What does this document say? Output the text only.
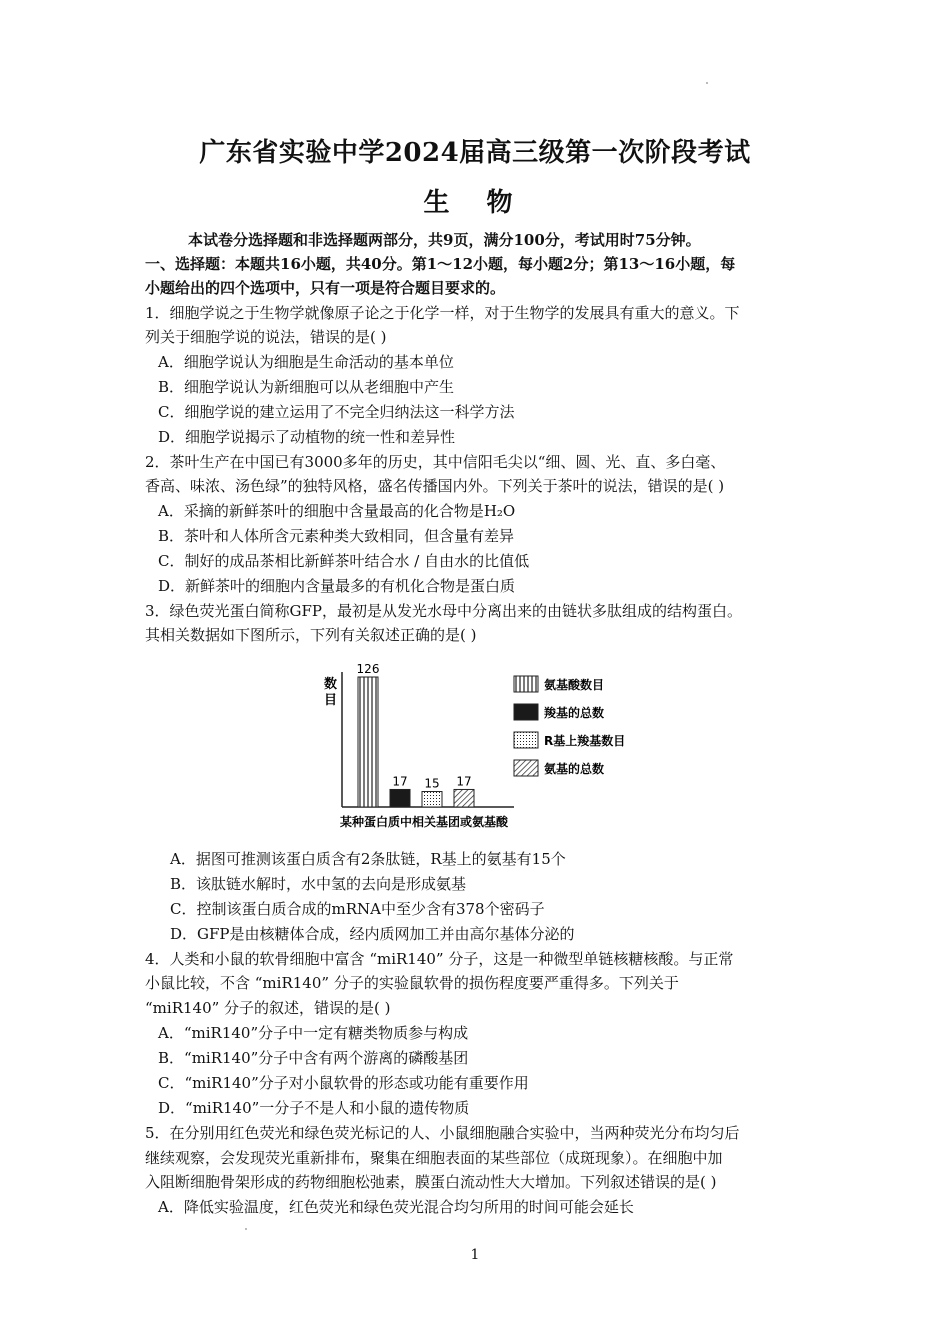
广东省实验中学2024届高三级第一次阶段考试
生 物
本试卷分选择题和非选择题两部分，共9页，满分100分，考试用时75分钟。
一、选择题：本题共16小题，共40分。第1～12小题，每小题2分；第13～16小题，每
小题给出的四个选项中，只有一项是符合题目要求的。
1．细胞学说之于生物学就像原子论之于化学一样，对于生物学的发展具有重大的意义。下
列关于细胞学说的说法，错误的是( )
A．细胞学说认为细胞是生命活动的基本单位
B．细胞学说认为新细胞可以从老细胞中产生
C．细胞学说的建立运用了不完全归纳法这一科学方法
D．细胞学说揭示了动植物的统一性和差异性
2．茶叶生产在中国已有3000多年的历史，其中信阳毛尖以“细、圆、光、直、多白毫、
香高、味浓、汤色绿”的独特风格，盛名传播国内外。下列关于茶叶的说法，错误的是( )
A．采摘的新鲜茶叶的细胞中含量最高的化合物是H₂O
B．茶叶和人体所含元素种类大致相同，但含量有差异
C．制好的成品茶相比新鲜茶叶结合水 / 自由水的比值低
D．新鲜茶叶的细胞内含量最多的有机化合物是蛋白质
3．绿色荧光蛋白简称GFP，最初是从发光水母中分离出来的由链状多肽组成的结构蛋白。
其相关数据如下图所示，下列有关叙述正确的是( )
数
目
126
17 15 17
氨基酸数目
羧基的总数
R基上羧基数目
氨基的总数
某种蛋白质中相关基团或氨基酸
A．据图可推测该蛋白质含有2条肽链，R基上的氨基有15个
B．该肽链水解时，水中氢的去向是形成氨基
C．控制该蛋白质合成的mRNA中至少含有378个密码子
D．GFP是由核糖体合成，经内质网加工并由高尔基体分泌的
4．人类和小鼠的软骨细胞中富含 “miR140” 分子，这是一种微型单链核糖核酸。与正常
小鼠比较，不含 “miR140” 分子的实验鼠软骨的损伤程度要严重得多。下列关于
“miR140” 分子的叙述，错误的是( )
A．“miR140”分子中一定有糖类物质参与构成
B．“miR140”分子中含有两个游离的磷酸基团
C．“miR140”分子对小鼠软骨的形态或功能有重要作用
D．“miR140”一分子不是人和小鼠的遗传物质
5．在分别用红色荧光和绿色荧光标记的人、小鼠细胞融合实验中，当两种荧光分布均匀后
继续观察，会发现荧光重新排布，聚集在细胞表面的某些部位（成斑现象）。在细胞中加
入阻断细胞骨架形成的药物细胞松弛素，膜蛋白流动性大大增加。下列叙述错误的是( )
A．降低实验温度，红色荧光和绿色荧光混合均匀所用的时间可能会延长
1
